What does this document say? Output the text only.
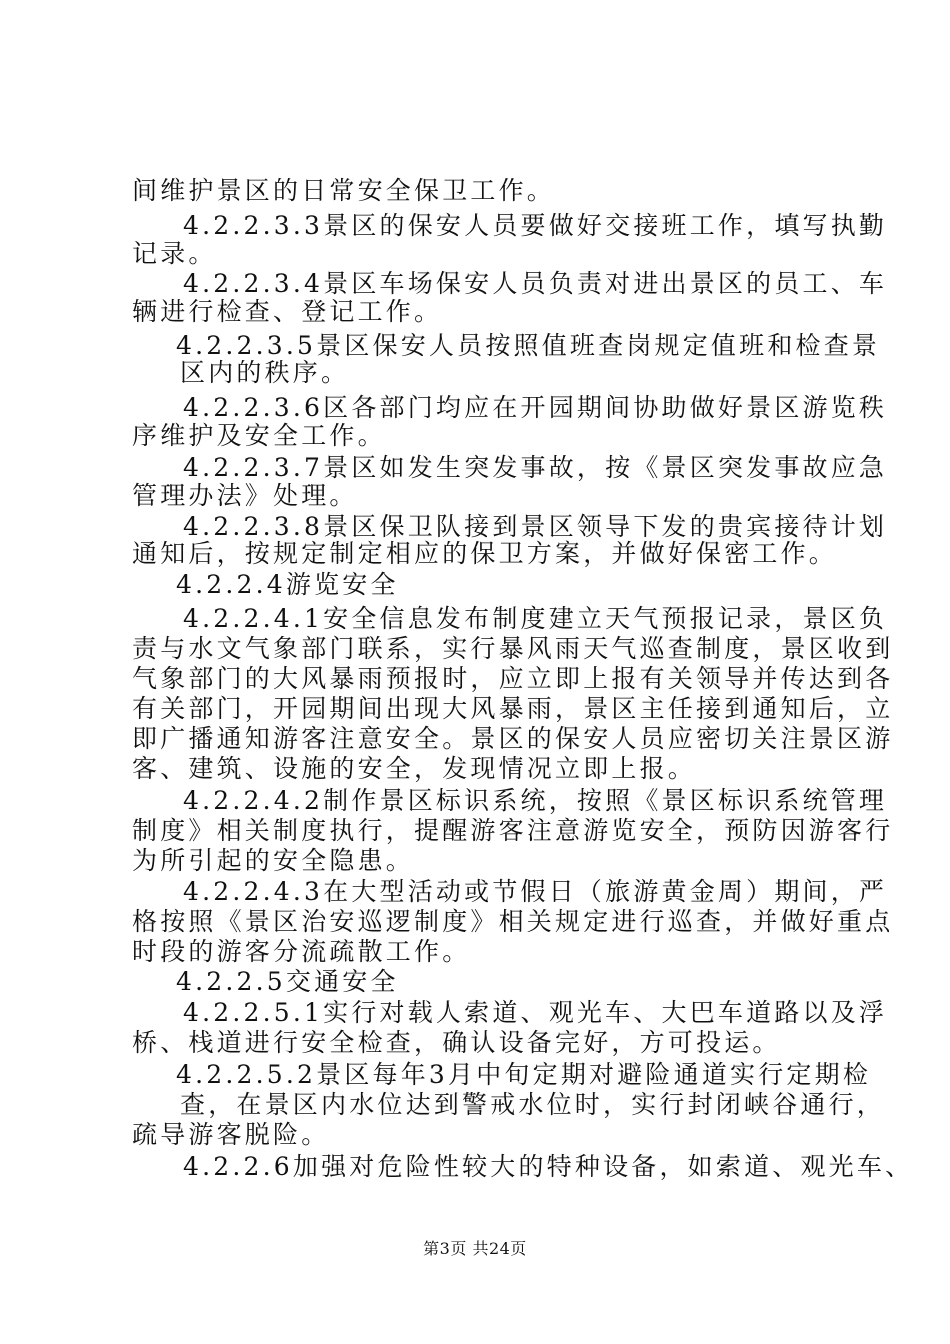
间维护景区的日常安全保卫工作。
4.2.2.3.3景区的保安人员要做好交接班工作，填写执勤
记录。
4.2.2.3.4景区车场保安人员负责对进出景区的员工、车
辆进行检查、登记工作。
4.2.2.3.5景区保安人员按照值班查岗规定值班和检查景
区内的秩序。
4.2.2.3.6区各部门均应在开园期间协助做好景区游览秩
序维护及安全工作。
4.2.2.3.7景区如发生突发事故，按《景区突发事故应急
管理办法》处理。
4.2.2.3.8景区保卫队接到景区领导下发的贵宾接待计划
通知后，按规定制定相应的保卫方案，并做好保密工作。
4.2.2.4游览安全
4.2.2.4.1安全信息发布制度建立天气预报记录，景区负
责与水文气象部门联系，实行暴风雨天气巡查制度，景区收到
气象部门的大风暴雨预报时，应立即上报有关领导并传达到各
有关部门，开园期间出现大风暴雨，景区主任接到通知后，立
即广播通知游客注意安全。景区的保安人员应密切关注景区游
客、建筑、设施的安全，发现情况立即上报。
4.2.2.4.2制作景区标识系统，按照《景区标识系统管理
制度》相关制度执行，提醒游客注意游览安全，预防因游客行
为所引起的安全隐患。
4.2.2.4.3在大型活动或节假日（旅游黄金周）期间，严
格按照《景区治安巡逻制度》相关规定进行巡查，并做好重点
时段的游客分流疏散工作。
4.2.2.5交通安全
4.2.2.5.1实行对载人索道、观光车、大巴车道路以及浮
桥、栈道进行安全检查，确认设备完好，方可投运。
4.2.2.5.2景区每年3月中旬定期对避险通道实行定期检
查，在景区内水位达到警戒水位时，实行封闭峡谷通行，
疏导游客脱险。
4.2.2.6加强对危险性较大的特种设备，如索道、观光车、
第3页 共24页
